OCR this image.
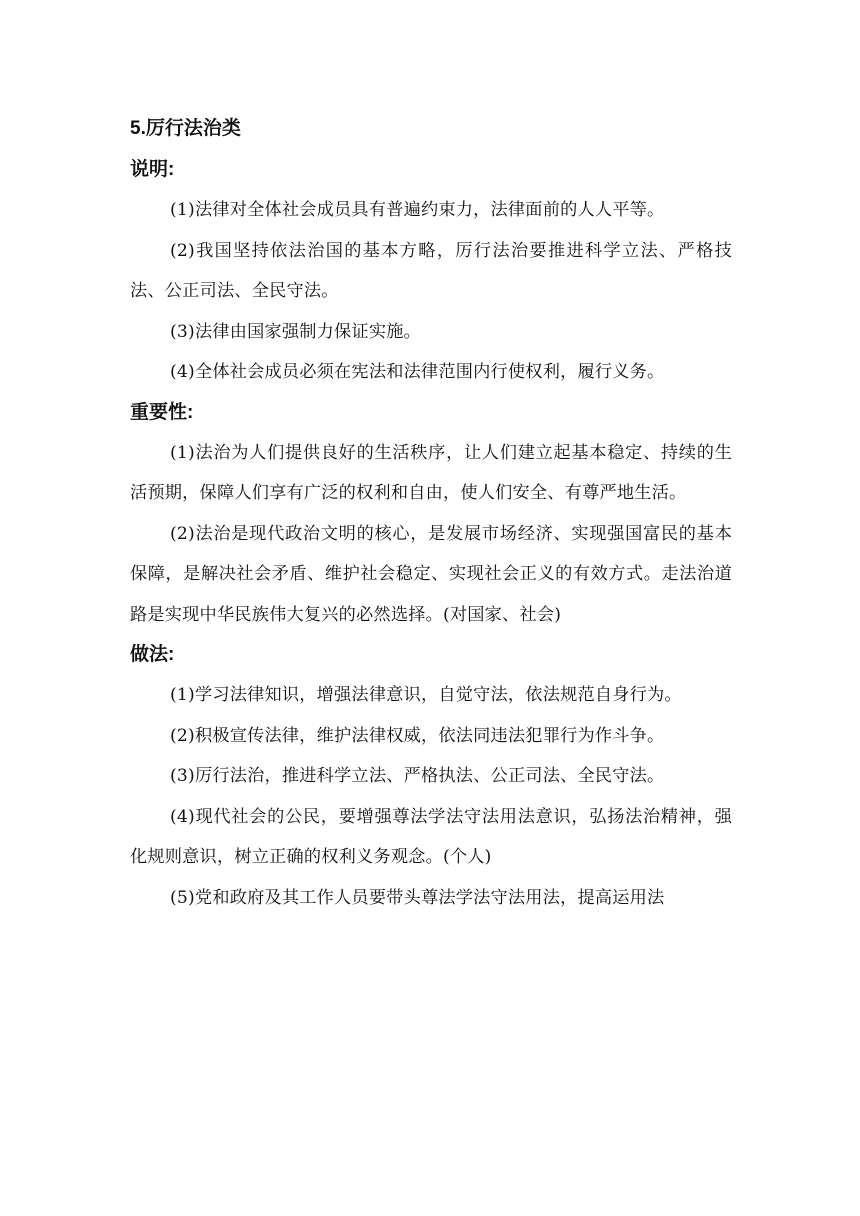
5.厉行法治类

说明:

(1)法律对全体社会成员具有普遍约束力，法律面前的人人平等。

(2)我国坚持依法治国的基本方略，厉行法治要推进科学立法、严格技法、公正司法、全民守法。

(3)法律由国家强制力保证实施。

(4)全体社会成员必须在宪法和法律范围内行使权利，履行义务。

重要性:

(1)法治为人们提供良好的生活秩序，让人们建立起基本稳定、持续的生活预期，保障人们享有广泛的权利和自由，使人们安全、有尊严地生活。

(2)法治是现代政治文明的核心，是发展市场经济、实现强国富民的基本保障，是解决社会矛盾、维护社会稳定、实现社会正义的有效方式。走法治道路是实现中华民族伟大复兴的必然选择。(对国家、社会)

做法:

(1)学习法律知识，增强法律意识，自觉守法，依法规范自身行为。

(2)积极宣传法律，维护法律权威，依法同违法犯罪行为作斗争。

(3)厉行法治，推进科学立法、严格执法、公正司法、全民守法。

(4)现代社会的公民，要增强尊法学法守法用法意识，弘扬法治精神，强化规则意识，树立正确的权利义务观念。(个人)

(5)党和政府及其工作人员要带头尊法学法守法用法，提高运用法
